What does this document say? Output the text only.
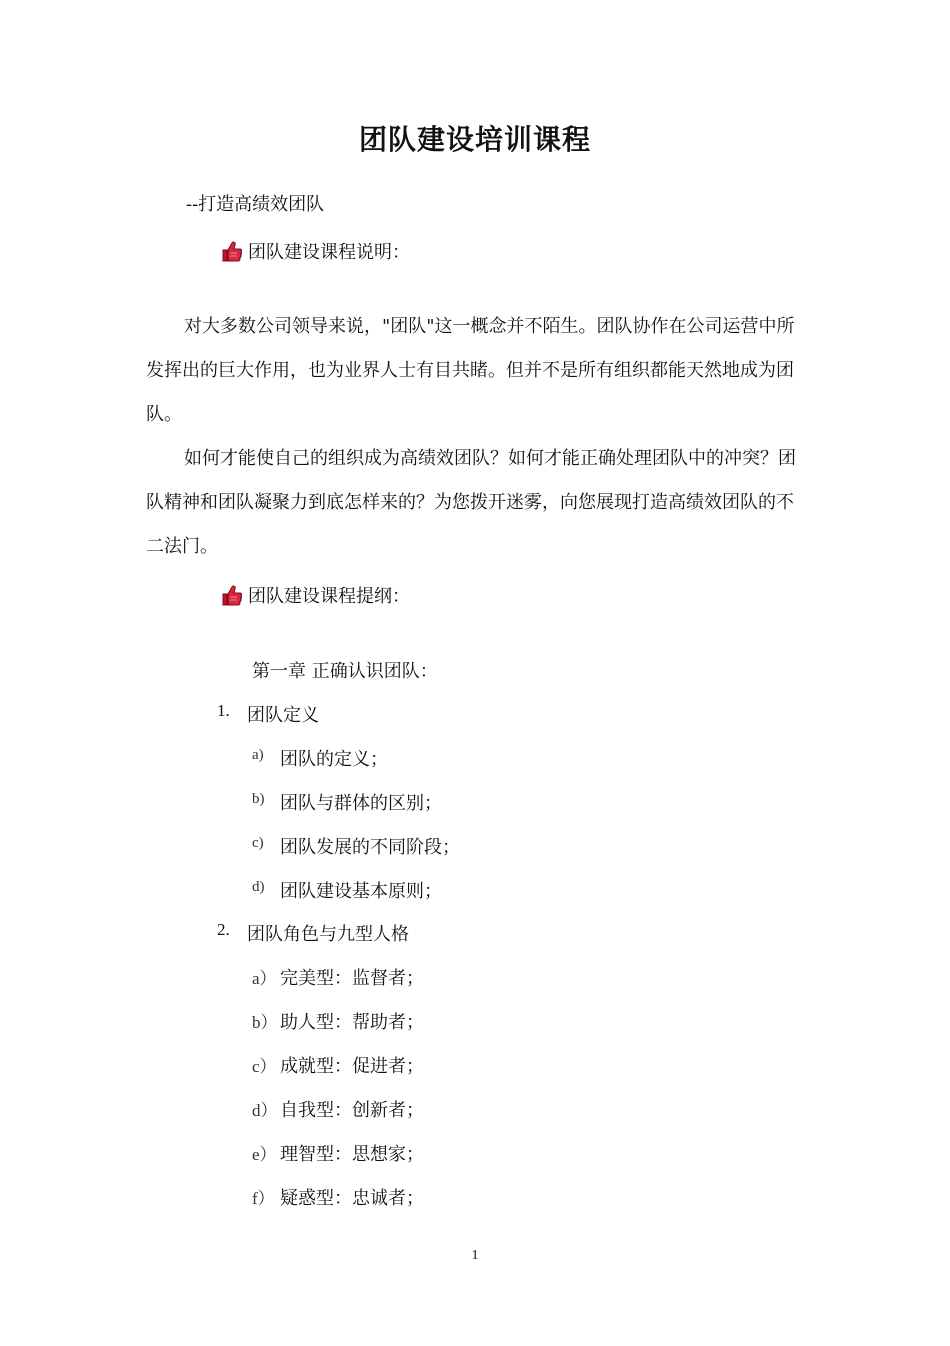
团队建设培训课程
--打造高绩效团队
团队建设课程说明：

对大多数公司领导来说，"团队"这一概念并不陌生。团队协作在公司运营中所发挥出的巨大作用，也为业界人士有目共睹。但并不是所有组织都能天然地成为团队。

如何才能使自己的组织成为高绩效团队？如何才能正确处理团队中的冲突？团队精神和团队凝聚力到底怎样来的？为您拨开迷雾，向您展现打造高绩效团队的不二法门。

团队建设课程提纲：
第一章 正确认识团队：
1. 团队定义
a) 团队的定义；
b) 团队与群体的区别；
c) 团队发展的不同阶段；
d) 团队建设基本原则；
2. 团队角色与九型人格
a） 完美型：监督者；
b） 助人型：帮助者；
c） 成就型：促进者；
d） 自我型：创新者；
e） 理智型：思想家；
f） 疑惑型：忠诚者；
1
